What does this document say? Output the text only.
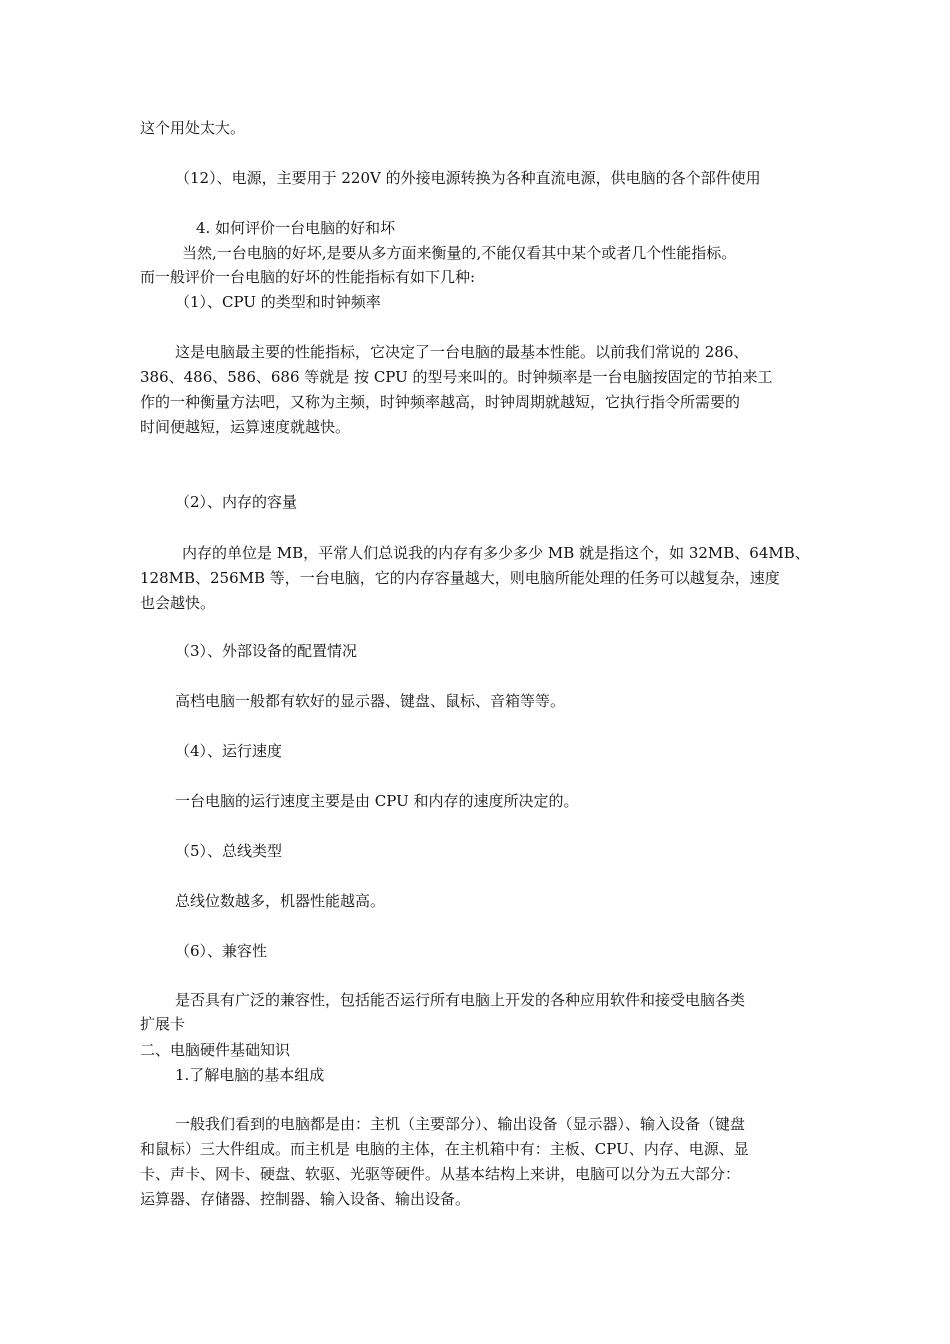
这个用处太大。

（12）、电源，主要用于 220V 的外接电源转换为各种直流电源，供电脑的各个部件使用

4. 如何评价一台电脑的好和坏

当然,一台电脑的好坏,是要从多方面来衡量的,不能仅看其中某个或者几个性能指标。

而一般评价一台电脑的好坏的性能指标有如下几种:

（1）、CPU 的类型和时钟频率

这是电脑最主要的性能指标，它决定了一台电脑的最基本性能。以前我们常说的 286、
386、486、586、686 等就是 按 CPU 的型号来叫的。时钟频率是一台电脑按固定的节拍来工
作的一种衡量方法吧，又称为主频，时钟频率越高，时钟周期就越短，它执行指令所需要的
时间便越短，运算速度就越快。

（2）、内存的容量

内存的单位是 MB，平常人们总说我的内存有多少多少 MB 就是指这个，如 32MB、64MB、
128MB、256MB 等，一台电脑，它的内存容量越大，则电脑所能处理的任务可以越复杂，速度
也会越快。

（3）、外部设备的配置情况

高档电脑一般都有软好的显示器、键盘、鼠标、音箱等等。

（4）、运行速度

一台电脑的运行速度主要是由 CPU 和内存的速度所决定的。

（5）、总线类型

总线位数越多，机器性能越高。

（6）、兼容性

是否具有广泛的兼容性，包括能否运行所有电脑上开发的各种应用软件和接受电脑各类
扩展卡

二、电脑硬件基础知识

1.了解电脑的基本组成

一般我们看到的电脑都是由：主机（主要部分）、输出设备（显示器）、输入设备（键盘
和鼠标）三大件组成。而主机是 电脑的主体，在主机箱中有：主板、CPU、内存、电源、显
卡、声卡、网卡、硬盘、软驱、光驱等硬件。从基本结构上来讲，电脑可以分为五大部分：
运算器、存储器、控制器、输入设备、输出设备。
